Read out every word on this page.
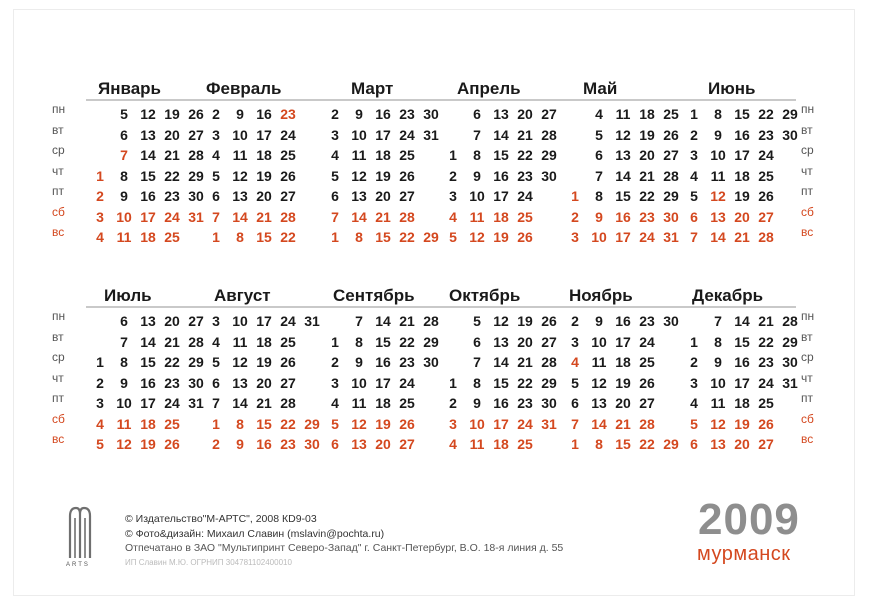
пн
вт
ср
чт
пт
сб
вс
пн
вт
ср
чт
пт
сб
вс
Январь
5 12 19 26
6 13 20 27
7 14 21 28
1 8 15 22 29
2 9 16 23 30
3 10 17 24 31
4 11 18 25
Февраль
2 9 16 23
3 10 17 24
4 11 18 25
5 12 19 26
6 13 20 27
7 14 21 28
1 8 15 22
Март
2 9 16 23 30
3 10 17 24 31
4 11 18 25
5 12 19 26
6 13 20 27
7 14 21 28
1 8 15 22 29
Апрель
6 13 20 27
7 14 21 28
1 8 15 22 29
2 9 16 23 30
3 10 17 24
4 11 18 25
5 12 19 26
Май
4 11 18 25
5 12 19 26
6 13 20 27
7 14 21 28
1 8 15 22 29
2 9 16 23 30
3 10 17 24 31
Июнь
1 8 15 22 29
2 9 16 23 30
3 10 17 24
4 11 18 25
5 12 19 26
6 13 20 27
7 14 21 28
пн
вт
ср
чт
пт
сб
вс
пн
вт
ср
чт
пт
сб
вс
Июль
6 13 20 27
7 14 21 28
1 8 15 22 29
2 9 16 23 30
3 10 17 24 31
4 11 18 25
5 12 19 26
Август
3 10 17 24 31
4 11 18 25
5 12 19 26
6 13 20 27
7 14 21 28
1 8 15 22 29
2 9 16 23 30
Сентябрь
7 14 21 28
1 8 15 22 29
2 9 16 23 30
3 10 17 24
4 11 18 25
5 12 19 26
6 13 20 27
Октябрь
5 12 19 26
6 13 20 27
7 14 21 28
1 8 15 22 29
2 9 16 23 30
3 10 17 24 31
4 11 18 25
Ноябрь
2 9 16 23 30
3 10 17 24
4 11 18 25
5 12 19 26
6 13 20 27
7 14 21 28
1 8 15 22 29
Декабрь
7 14 21 28
1 8 15 22 29
2 9 16 23 30
3 10 17 24 31
4 11 18 25
5 12 19 26
6 13 20 27
ARTS
© Издательство"М-АРТС", 2008 КD9-03
© Фото&дизайн: Михаил Славин (mslavin@pochta.ru)
Отпечатано в ЗАО "Мультипринт Северо-Запад" г. Санкт-Петербург, В.О. 18-я линия д. 55
ИП Славин М.Ю. ОГРНИП 304781102400010
2009
мурманск
